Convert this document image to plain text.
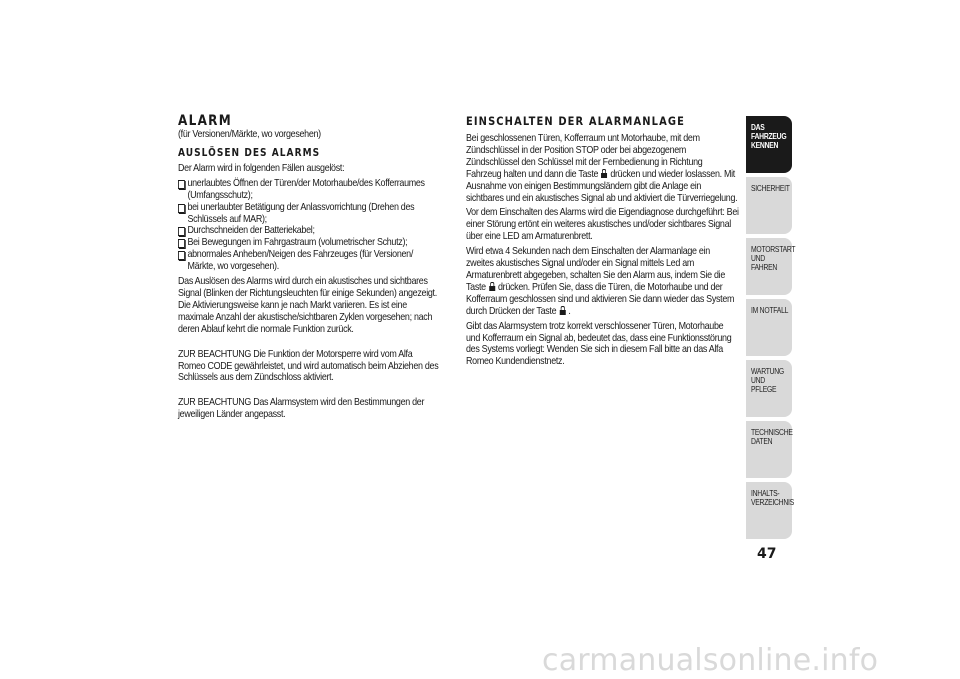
ALARM

(für Versionen/Märkte, wo vorgesehen)

AUSLÖSEN DES ALARMS

Der Alarm wird in folgenden Fällen ausgelöst:

unerlaubtes Öffnen der Türen/der Motorhaube/des Kofferraumes (Umfangsschutz);
bei unerlaubter Betätigung der Anlassvorrichtung (Drehen des Schlüssels auf MAR);
Durchschneiden der Batteriekabel;
Bei Bewegungen im Fahrgastraum (volumetrischer Schutz);
abnormales Anheben/Neigen des Fahrzeuges (für Versionen/ Märkte, wo vorgesehen).

Das Auslösen des Alarms wird durch ein akustisches und sichtbares Signal (Blinken der Richtungsleuchten für einige Sekunden) angezeigt. Die Aktivierungsweise kann je nach Markt variieren. Es ist eine maximale Anzahl der akustische/sichtbaren Zyklen vorgesehen; nach deren Ablauf kehrt die normale Funktion zurück.

ZUR BEACHTUNG Die Funktion der Motorsperre wird vom Alfa Romeo CODE gewährleistet, und wird automatisch beim Abziehen des Schlüssels aus dem Zündschloss aktiviert.

ZUR BEACHTUNG Das Alarmsystem wird den Bestimmungen der jeweiligen Länder angepasst.

EINSCHALTEN DER ALARMANLAGE

Bei geschlossenen Türen, Kofferraum unt Motorhaube, mit dem Zündschlüssel in der Position STOP oder bei abgezogenem Zündschlüssel den Schlüssel mit der Fernbedienung in Richtung Fahrzeug halten und dann die Taste drücken und wieder loslassen. Mit Ausnahme von einigen Bestimmungsländern gibt die Anlage ein sichtbares und ein akustisches Signal ab und aktiviert die Türverriegelung.

Vor dem Einschalten des Alarms wird die Eigendiagnose durchgeführt: Bei einer Störung ertönt ein weiteres akustisches und/oder sichtbares Signal über eine LED am Armaturenbrett.

Wird etwa 4 Sekunden nach dem Einschalten der Alarmanlage ein zweites akustisches Signal und/oder ein Signal mittels Led am Armaturenbrett abgegeben, schalten Sie den Alarm aus, indem Sie die Taste drücken. Prüfen Sie, dass die Türen, die Motorhaube und der Kofferraum geschlossen sind und aktivieren Sie dann wieder das System durch Drücken der Taste .

Gibt das Alarmsystem trotz korrekt verschlossener Türen, Motorhaube und Kofferraum ein Signal ab, bedeutet das, dass eine Funktionsstörung des Systems vorliegt: Wenden Sie sich in diesem Fall bitte an das Alfa Romeo Kundendienstnetz.

DAS FAHRZEUG KENNEN
SICHERHEIT
MOTORSTART UND FAHREN
IM NOTFALL
WARTUNG UND PFLEGE
TECHNISCHE DATEN
INHALTS- VERZEICHNIS
47
carmanualsonline.info
